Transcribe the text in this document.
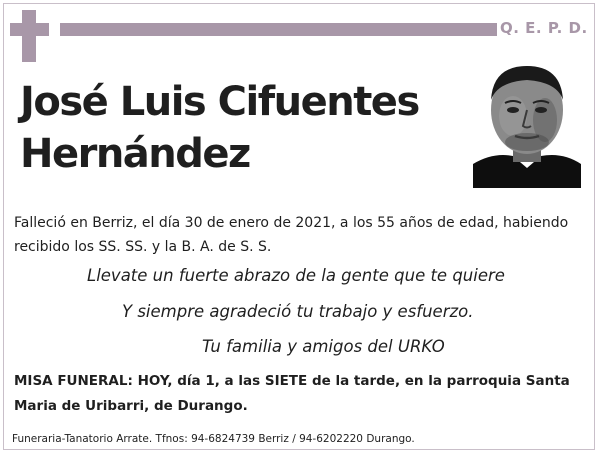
Q. E. P. D.
José Luis Cifuentes
Hernández
Falleció en Berriz, el día 30 de enero de 2021, a los 55 años de edad, habiendo recibido los SS. SS. y la B. A. de S. S.
Llevate un fuerte abrazo de la gente que te quiere
Y siempre agradeció tu trabajo y esfuerzo.
Tu familia y amigos del URKO
MISA FUNERAL: HOY, día 1, a las SIETE de la tarde, en la parroquia Santa Maria de Uribarri, de Durango.
Funeraria-Tanatorio Arrate. Tfnos: 94-6824739 Berriz / 94-6202220 Durango.
